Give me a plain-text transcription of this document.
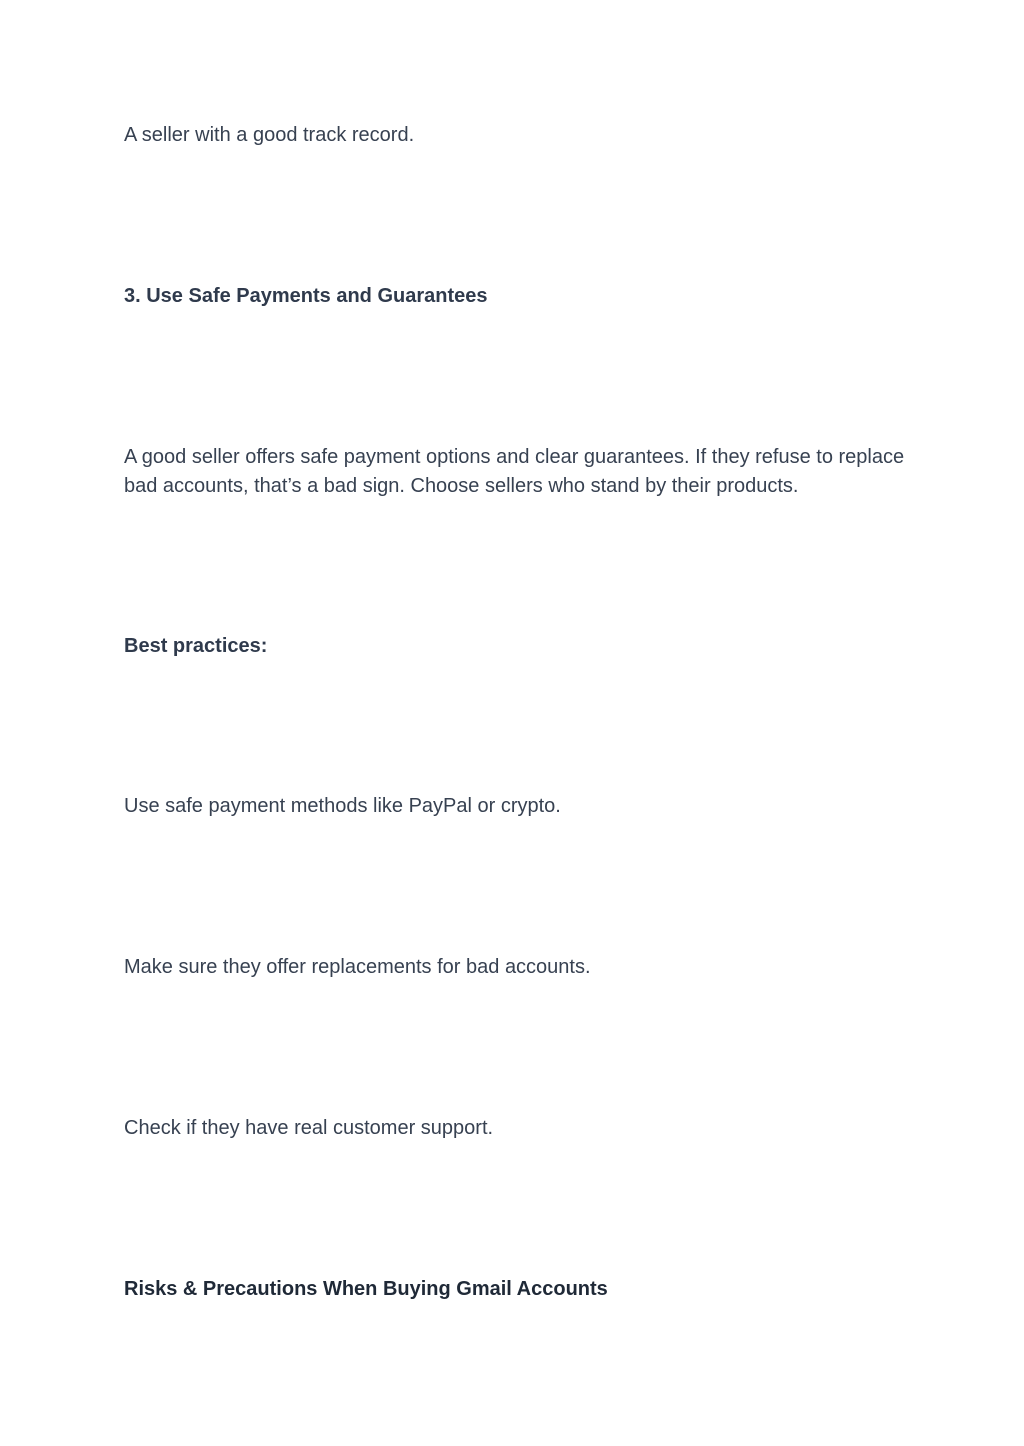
A seller with a good track record.

3. Use Safe Payments and Guarantees

A good seller offers safe payment options and clear guarantees. If they refuse to replace bad accounts, that’s a bad sign. Choose sellers who stand by their products.

Best practices:

Use safe payment methods like PayPal or crypto.

Make sure they offer replacements for bad accounts.

Check if they have real customer support.

Risks & Precautions When Buying Gmail Accounts
